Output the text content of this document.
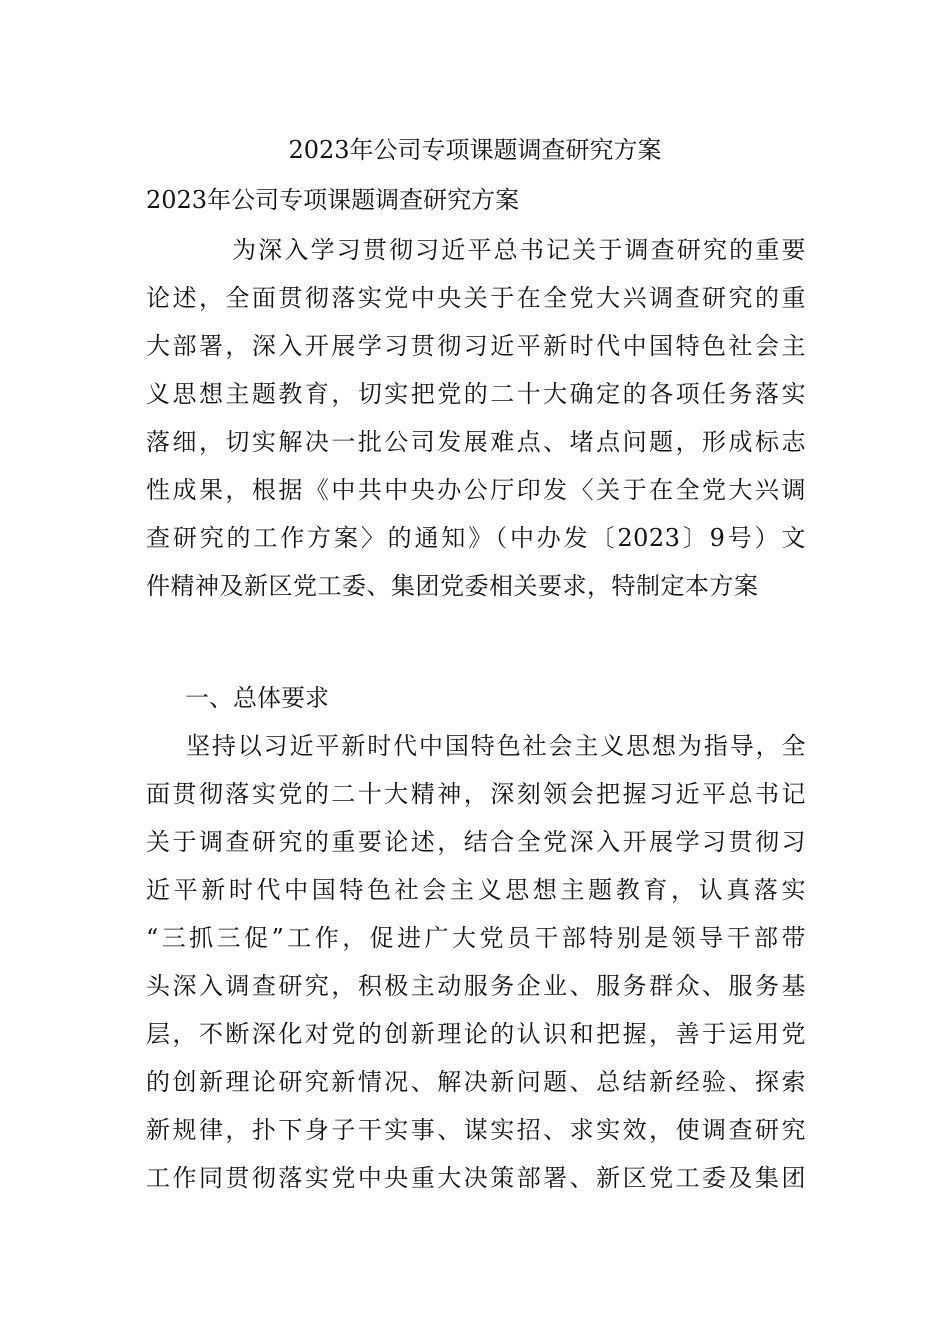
2023年公司专项课题调查研究方案
2023年公司专项课题调查研究方案
为深入学习贯彻习近平总书记关于调查研究的重要
论述，全面贯彻落实党中央关于在全党大兴调查研究的重
大部署，深入开展学习贯彻习近平新时代中国特色社会主
义思想主题教育，切实把党的二十大确定的各项任务落实
落细，切实解决一批公司发展难点、堵点问题，形成标志
性成果，根据《中共中央办公厅印发〈关于在全党大兴调
查研究的工作方案〉的通知》（中办发〔2023〕9号）文
件精神及新区党工委、集团党委相关要求，特制定本方案
一、总体要求
坚持以习近平新时代中国特色社会主义思想为指导，全
面贯彻落实党的二十大精神，深刻领会把握习近平总书记
关于调查研究的重要论述，结合全党深入开展学习贯彻习
近平新时代中国特色社会主义思想主题教育，认真落实
“三抓三促”工作，促进广大党员干部特别是领导干部带
头深入调查研究，积极主动服务企业、服务群众、服务基
层，不断深化对党的创新理论的认识和把握，善于运用党
的创新理论研究新情况、解决新问题、总结新经验、探索
新规律，扑下身子干实事、谋实招、求实效，使调查研究
工作同贯彻落实党中央重大决策部署、新区党工委及集团
